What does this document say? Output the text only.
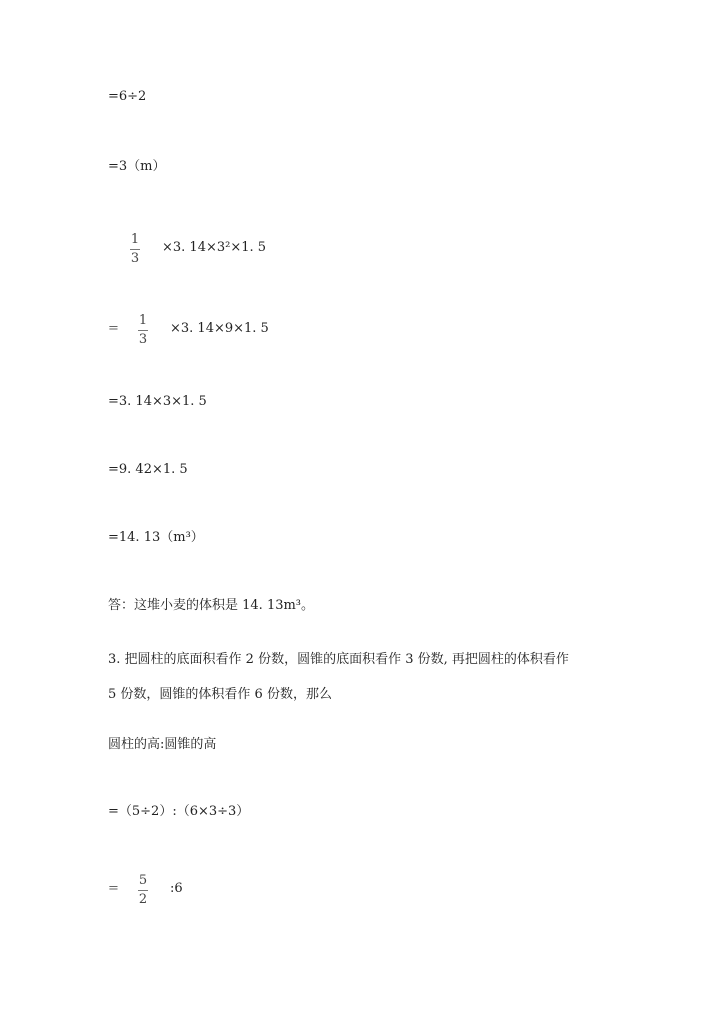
=6÷2
=3（m）
1
3
×3. 14×3²×1. 5
=
1
3
×3. 14×9×1. 5
=3. 14×3×1. 5
=9. 42×1. 5
=14. 13（m³）
答：这堆小麦的体积是 14. 13m³。
3. 把圆柱的底面积看作 2 份数，圆锥的底面积看作 3 份数, 再把圆柱的体积看作
5 份数，圆锥的体积看作 6 份数，那么
圆柱的高:圆锥的高
=（5÷2）:（6×3÷3）
=
5
2
:6
